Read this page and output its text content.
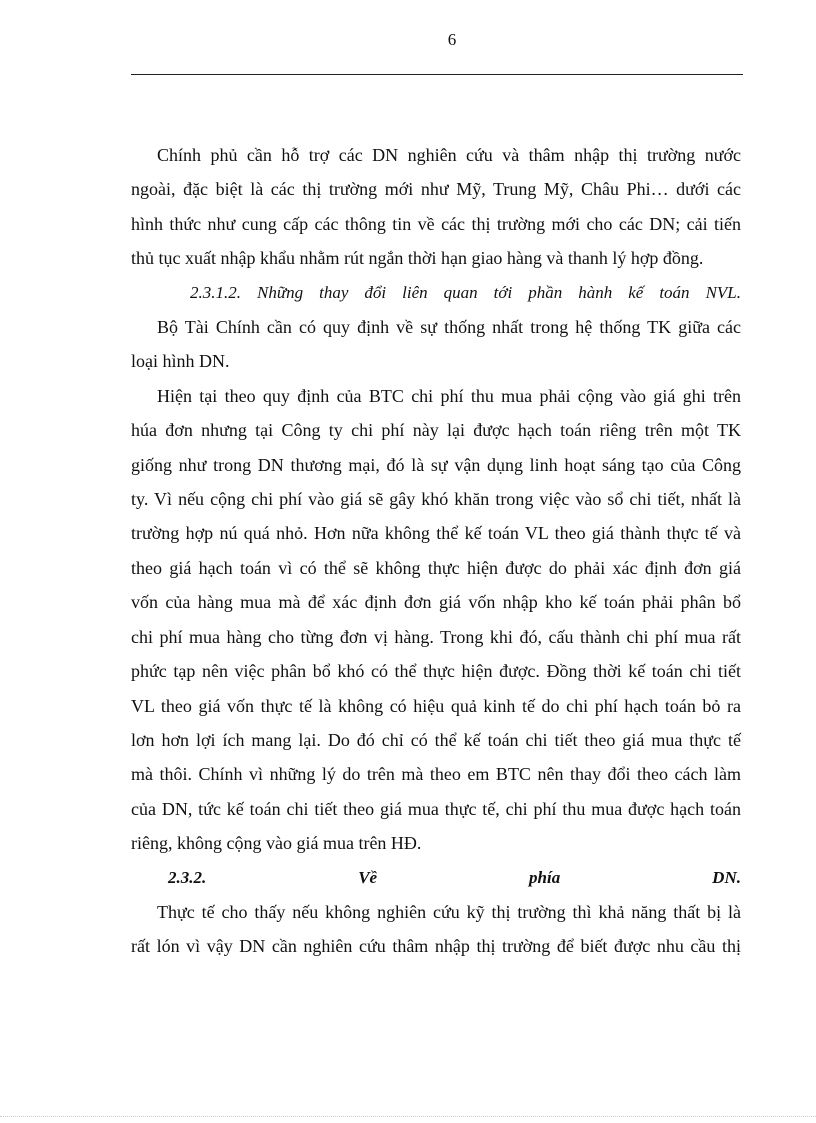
6

Chính phủ cần hỗ trợ các DN nghiên cứu và thâm nhập thị trường nước

ngoài, đặc biệt là các thị trường mới như Mỹ, Trung Mỹ, Châu Phi… dưới các

hình thức như cung cấp các thông tin về các thị trường mới cho các DN; cải tiến

thủ tục xuất nhập khẩu nhằm rút ngắn thời hạn giao hàng và thanh lý hợp đồng.

2.3.1.2. Những thay đổi liên quan tới phần hành kế toán NVL.

Bộ Tài Chính cần có quy định về sự thống nhất trong hệ thống TK giữa các

loại hình DN.

Hiện tại theo quy định của BTC chi phí thu mua phải cộng vào giá ghi trên

húa đơn nhưng tại Công ty chi phí này lại được hạch toán riêng trên một TK

giống như trong DN thương mại, đó là sự vận dụng linh hoạt sáng tạo của Công

ty. Vì nếu cộng chi phí vào giá sẽ gây khó khăn trong việc vào sổ chi tiết, nhất là

trường hợp nú quá nhỏ. Hơn nữa không thể kế toán VL theo giá thành thực tế và

theo giá hạch toán vì có thể sẽ không thực hiện được do phải xác định đơn giá

vốn của hàng mua mà để xác định đơn giá vốn nhập kho kế toán phải phân bổ

chi phí mua hàng cho từng đơn vị hàng. Trong khi đó, cấu thành chi phí mua rất

phức tạp nên việc phân bổ khó có thể thực hiện được. Đồng thời kế toán chi tiết

VL theo giá vốn thực tế là không có hiệu quả kinh tế do chi phí hạch toán bỏ ra

lơn hơn lợi ích mang lại. Do đó chỉ có thể kế toán chi tiết theo giá mua thực tế

mà thôi. Chính vì những lý do trên mà theo em BTC nên thay đổi theo cách làm

của DN, tức kế toán chi tiết theo giá mua thực tế, chi phí thu mua được hạch toán

riêng, không cộng vào giá mua trên HĐ.

2.3.2. Về phía DN.

Thực tế cho thấy nếu không nghiên cứu kỹ thị trường thì khả năng thất bị là

rất lón vì vậy DN cần nghiên cứu thâm nhập thị trường để biết được nhu cầu thị
